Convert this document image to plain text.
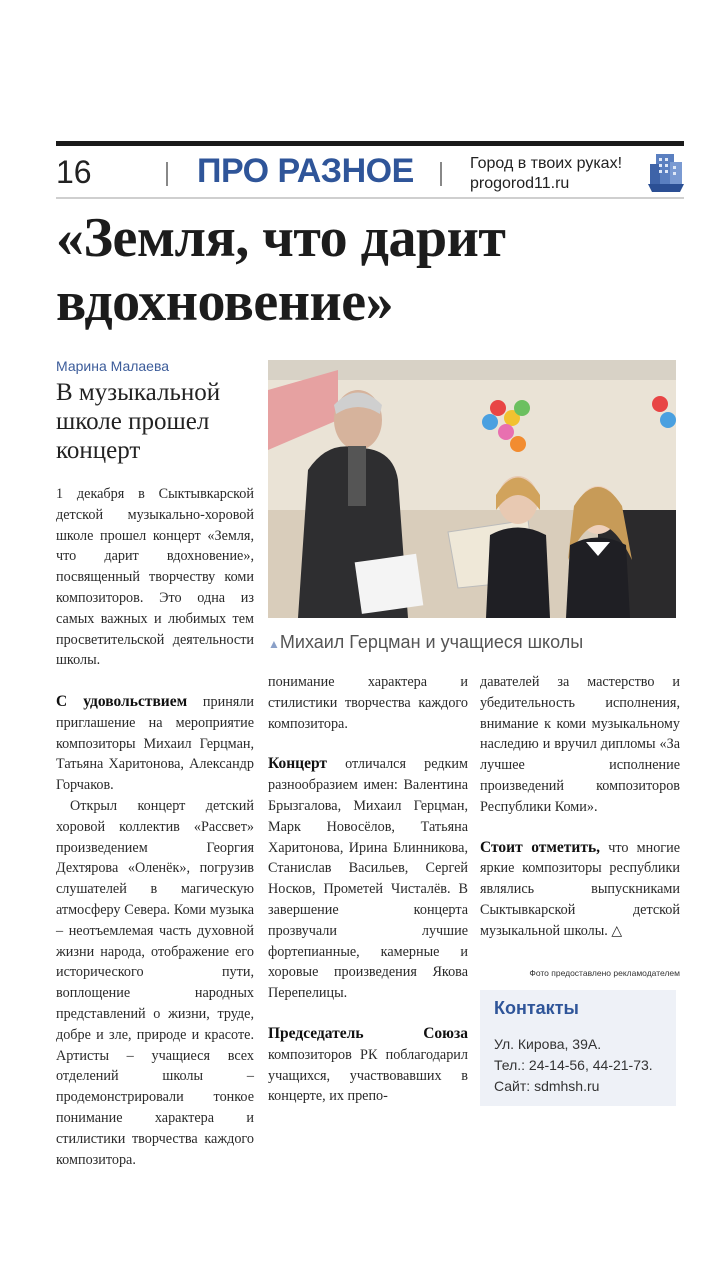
16	ПРО РАЗНОЕ	Город в твоих руках!
progorod11.ru
«Земля, что дарит вдохновение»
Марина Малаева
В музыкальной школе прошел концерт
▲Михаил Герцман и учащиеся школы

1 декабря в Сыктывкарской детской музыкально-хоровой школе прошел концерт «Земля, что дарит вдохновение», посвященный творчеству коми композиторов. Это одна из самых важных и любимых тем просветительской деятельности школы.

С удовольствием приняли приглашение на мероприятие композиторы Михаил Герцман, Татьяна Харитонова, Александр Горчаков.

Открыл концерт детский хоровой коллектив «Рассвет» произведением Георгия Дехтярова «Оленёк», погрузив слушателей в магическую атмосферу Севера. Коми музыка – неотъемлемая часть духовной жизни народа, отображение его исторического пути, воплощение народных представлений о жизни, труде, добре и зле, природе и красоте. Артисты – учащиеся всех отделений школы – продемонстрировали тонкое понимание характера и стилистики творчества каждого композитора.

Фото предоставлено рекламодателем
Контакты
Ул. Кирова, 39А.
Тел.: 24-14-56, 44-21-73.
Сайт: sdmhsh.ru

понимание характера и стилистики творчества каждого композитора.

Концерт отличался редким разнообразием имен: Валентина Брызгалова, Михаил Герцман, Марк Новосёлов, Татьяна Харитонова, Ирина Блинникова, Станислав Васильев, Сергей Носков, Прометей Чисталёв. В завершение концерта прозвучали лучшие фортепианные, камерные и хоровые произведения Якова Перепелицы.

Председатель Союза композиторов РК поблагодарил учащихся, участвовавших в концерте, их препо-

давателей за мастерство и убедительность исполнения, внимание к коми музыкальному наследию и вручил дипломы «За лучшее исполнение произведений композиторов Республики Коми».

Стоит отметить, что многие яркие композиторы республики являлись выпускниками Сыктывкарской детской музыкальной школы. △
